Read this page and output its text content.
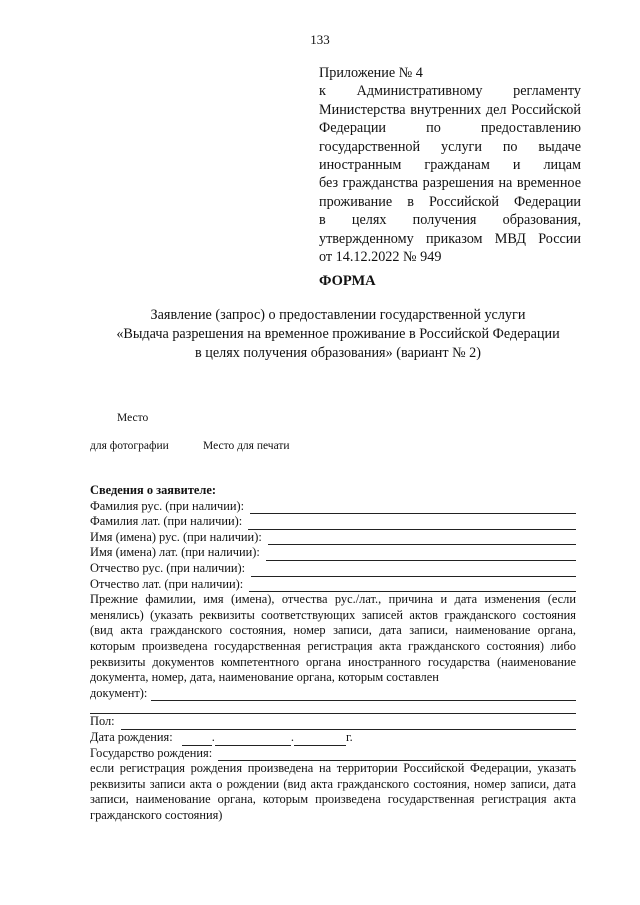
133
Приложение № 4
к Административному регламенту
Министерства внутренних дел Российской
Федерации по предоставлению
государственной услуги по выдаче
иностранным гражданам и лицам
без гражданства разрешения на временное
проживание в Российской Федерации
в целях получения образования,
утвержденному приказом МВД России
от 14.12.2022 № 949
ФОРМА
Заявление (запрос) о предоставлении государственной услуги
«Выдача разрешения на временное проживание в Российской Федерации
в целях получения образования» (вариант № 2)
Место
для фотографии	Место для печати
Сведения о заявителе:
Фамилия рус. (при наличии):
Фамилия лат. (при наличии):
Имя (имена) рус. (при наличии):
Имя (имена) лат. (при наличии):
Отчество рус. (при наличии):
Отчество лат. (при наличии):
Прежние фамилии, имя (имена), отчества рус./лат., причина и дата изменения (если менялись) (указать реквизиты соответствующих записей актов гражданского состояния (вид акта гражданского состояния, номер записи, дата записи, наименование органа, которым произведена государственная регистрация акта гражданского состояния) либо реквизиты документов компетентного органа иностранного государства (наименование документа, номер, дата, наименование органа, которым составлен
документ):
Пол:
Дата рождения:	.	.	г.
Государство рождения:
если регистрация рождения произведена на территории Российской Федерации, указать реквизиты записи акта о рождении (вид акта гражданского состояния, номер записи, дата записи, наименование органа, которым произведена государственная регистрация акта гражданского состояния)
